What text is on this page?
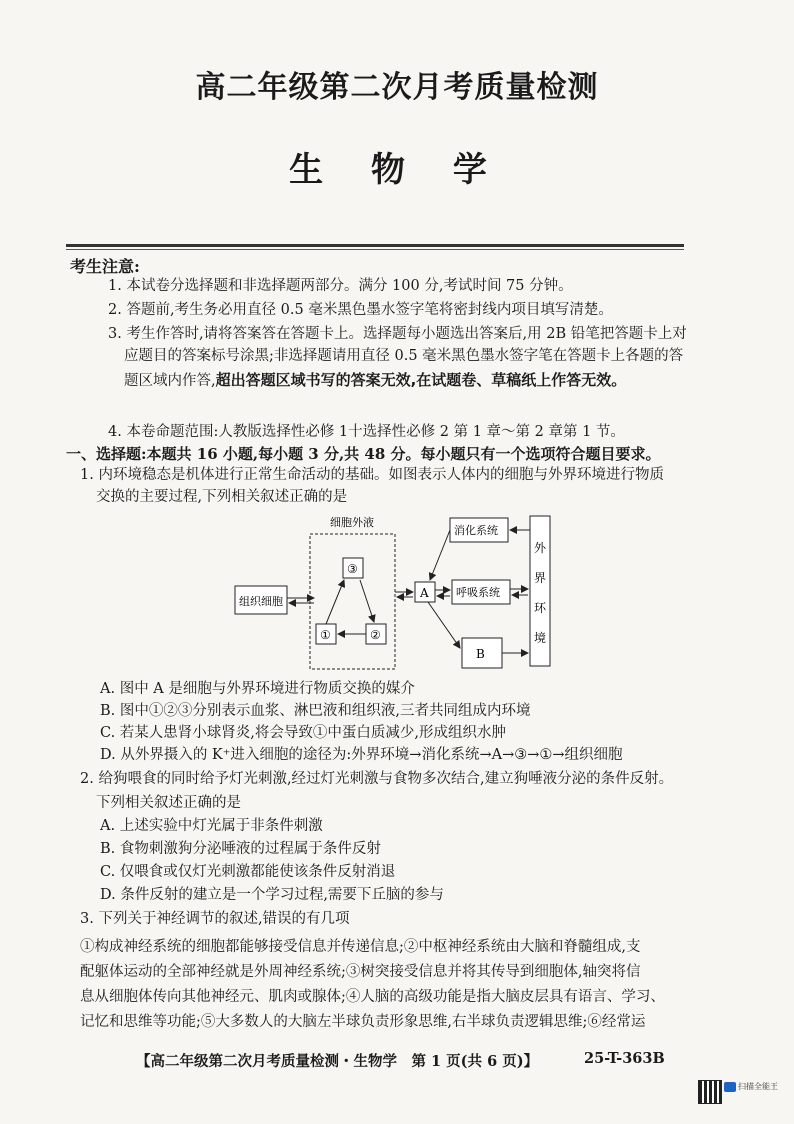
高二年级第二次月考质量检测
生 物 学
考生注意:
1. 本试卷分选择题和非选择题两部分。满分 100 分,考试时间 75 分钟。
2. 答题前,考生务必用直径 0.5 毫米黑色墨水签字笔将密封线内项目填写清楚。
3. 考生作答时,请将答案答在答题卡上。选择题每小题选出答案后,用 2B 铅笔把答题卡上对
应题目的答案标号涂黑;非选择题请用直径 0.5 毫米黑色墨水签字笔在答题卡上各题的答
题区域内作答,超出答题区域书写的答案无效,在试题卷、草稿纸上作答无效。
4. 本卷命题范围:人教版选择性必修 1十选择性必修 2 第 1 章～第 2 章第 1 节。
一、选择题:本题共 16 小题,每小题 3 分,共 48 分。每小题只有一个选项符合题目要求。
1. 内环境稳态是机体进行正常生命活动的基础。如图表示人体内的细胞与外界环境进行物质
交换的主要过程,下列相关叙述正确的是
细胞外液
组织细胞
③
①	②
A
消化系统
呼吸系统
B
外
界
环
境
A. 图中 A 是细胞与外界环境进行物质交换的媒介
B. 图中①②③分别表示血浆、淋巴液和组织液,三者共同组成内环境
C. 若某人患肾小球肾炎,将会导致①中蛋白质减少,形成组织水肿
D. 从外界摄入的 K⁺进入细胞的途径为:外界环境→消化系统→A→③→①→组织细胞
2. 给狗喂食的同时给予灯光刺激,经过灯光刺激与食物多次结合,建立狗唾液分泌的条件反射。
下列相关叙述正确的是
A. 上述实验中灯光属于非条件刺激
B. 食物刺激狗分泌唾液的过程属于条件反射
C. 仅喂食或仅灯光刺激都能使该条件反射消退
D. 条件反射的建立是一个学习过程,需要下丘脑的参与
3. 下列关于神经调节的叙述,错误的有几项
①构成神经系统的细胞都能够接受信息并传递信息;②中枢神经系统由大脑和脊髓组成,支
配躯体运动的全部神经就是外周神经系统;③树突接受信息并将其传导到细胞体,轴突将信
息从细胞体传向其他神经元、肌肉或腺体;④人脑的高级功能是指大脑皮层具有语言、学习、
记忆和思维等功能;⑤大多数人的大脑左半球负责形象思维,右半球负责逻辑思维;⑥经常运
【高二年级第二次月考质量检测・生物学　第 1 页(共 6 页)】	25-T-363B
扫描全能王
